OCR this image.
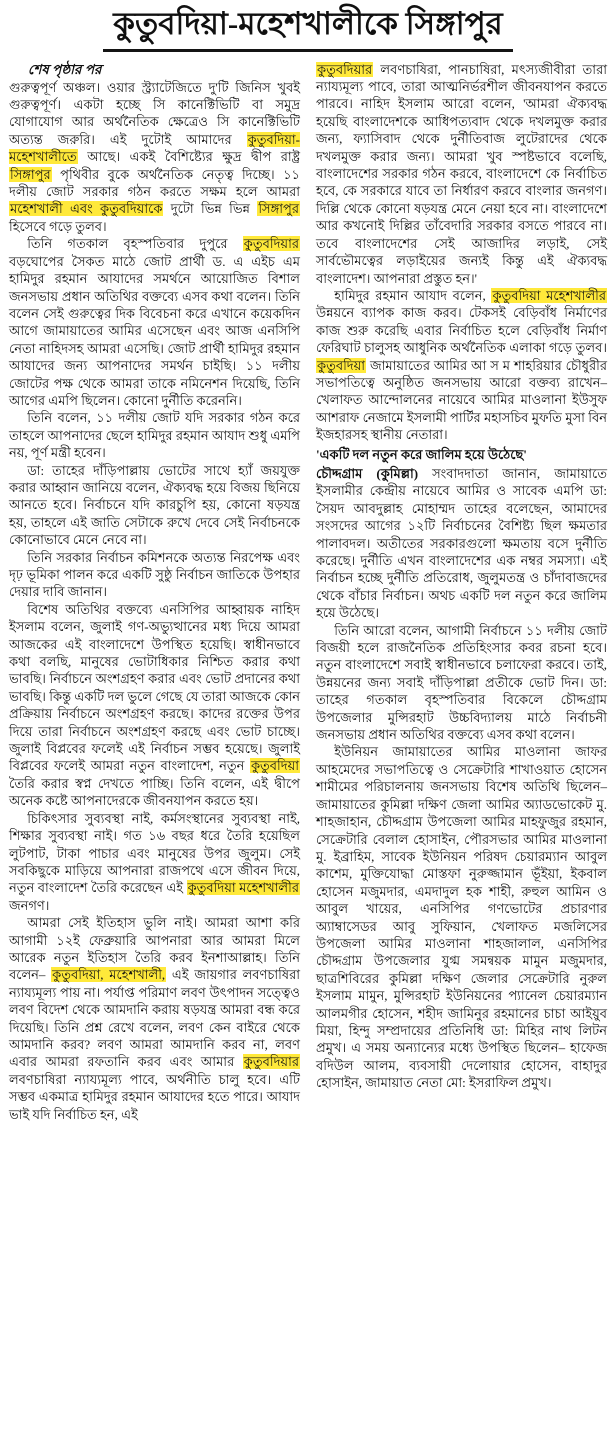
কুতুবদিয়া-মহেশখালীকে সিঙ্গাপুর

শেষ পৃষ্ঠার পর

গুরুত্বপূর্ণ অঞ্চল। ওয়ার স্ট্র্যাটেজিতে দু'টি জিনিস খুবই গুরুত্বপূর্ণ। একটা হচ্ছে সি কানেক্টিভিটি বা সমুদ্র যোগাযোগ আর অর্থনৈতিক ক্ষেত্রেও সি কানেক্টিভিটি অত্যন্ত জরুরি। এই দুটোই আমাদের কুতুবদিয়া-মহেশখালীতে আছে। একই বৈশিষ্ট্যের ক্ষুদ্র দ্বীপ রাষ্ট্র সিঙ্গাপুর পৃথিবীর বুকে অর্থনৈতিক নেতৃত্ব দিচ্ছে। ১১ দলীয় জোট সরকার গঠন করতে সক্ষম হলে আমরা মহেশখালী এবং কুতুবদিয়াকে দুটো ভিন্ন ভিন্ন সিঙ্গাপুর হিসেবে গড়ে তুলব।

তিনি গতকাল বৃহস্পতিবার দুপুরে কুতুবদিয়ার বড়ঘোপের সৈকত মাঠে জোট প্রার্থী ড. এ এইচ এম হামিদুর রহমান আযাদের সমর্থনে আয়োজিত বিশাল জনসভায় প্রধান অতিথির বক্তব্যে এসব কথা বলেন। তিনি বলেন সেই গুরুত্বের দিক বিবেচনা করে এখানে কয়েকদিন আগে জামায়াতের আমির এসেছেন এবং আজ এনসিপি নেতা নাহিদসহ আমরা এসেছি। জোট প্রার্থী হামিদুর রহমান আযাদের জন্য আপনাদের সমর্থন চাইছি। ১১ দলীয় জোটের পক্ষ থেকে আমরা তাকে নমিনেশন দিয়েছি, তিনি আগের এমপি ছিলেন। কোনো দুর্নীতি করেননি।

তিনি বলেন, ১১ দলীয় জোট যদি সরকার গঠন করে তাহলে আপনাদের ছেলে হামিদুর রহমান আযাদ শুধু এমপি নয়, পূর্ণ মন্ত্রী হবেন।

ডা: তাহের দাঁড়িপাল্লায় ভোটের সাথে হ্যাঁ জয়যুক্ত করার আহ্বান জানিয়ে বলেন, ঐক্যবদ্ধ হয়ে বিজয় ছিনিয়ে আনতে হবে। নির্বাচনে যদি কারচুপি হয়, কোনো ষড়যন্ত্র হয়, তাহলে এই জাতি সেটাকে রুখে দেবে সেই নির্বাচনকে কোনোভাবে মেনে নেবে না।

তিনি সরকার নির্বাচন কমিশনকে অত্যন্ত নিরপেক্ষ এবং দৃঢ় ভূমিকা পালন করে একটি সুষ্ঠু নির্বাচন জাতিকে উপহার দেয়ার দাবি জানান।

বিশেষ অতিথির বক্তব্যে এনসিপির আহ্বায়ক নাহিদ ইসলাম বলেন, জুলাই গণ-অভ্যুত্থানের মধ্য দিয়ে আমরা আজকের এই বাংলাদেশে উপস্থিত হয়েছি। স্বাধীনভাবে কথা বলছি, মানুষের ভোটাধিকার নিশ্চিত করার কথা ভাবছি। নির্বাচনে অংশগ্রহণ করার এবং ভোট প্রদানের কথা ভাবছি। কিন্তু একটি দল ভুলে গেছে যে তারা আজকে কোন প্রক্রিয়ায় নির্বাচনে অংশগ্রহণ করছে। কাদের রক্তের উপর দিয়ে তারা নির্বাচনে অংশগ্রহণ করছে এবং ভোট চাচ্ছে। জুলাই বিপ্লবের ফলেই এই নির্বাচন সম্ভব হয়েছে। জুলাই বিপ্লবের ফলেই আমরা নতুন বাংলাদেশ, নতুন কুতুবদিয়া তৈরি করার স্বপ্ন দেখতে পাচ্ছি। তিনি বলেন, এই দ্বীপে অনেক কষ্টে আপনাদেরকে জীবনযাপন করতে হয়।

চিকিৎসার সুব্যবস্থা নাই, কর্মসংস্থানের সুব্যবস্থা নাই, শিক্ষার সুব্যবস্থা নাই। গত ১৬ বছর ধরে তৈরি হয়েছিল লুটপাট, টাকা পাচার এবং মানুষের উপর জুলুম। সেই সবকিছুকে মাড়িয়ে আপনারা রাজপথে এসে জীবন দিয়ে, নতুন বাংলাদেশ তৈরি করেছেন এই কুতুবদিয়া মহেশখালীর জনগণ।

আমরা সেই ইতিহাস ভুলি নাই। আমরা আশা করি আগামী ১২ই ফেব্রুয়ারি আপনারা আর আমরা মিলে আরেক নতুন ইতিহাস তৈরি করব ইনশাআল্লাহ। তিনি বলেন– কুতুবদিয়া, মহেশখালী, এই জায়গার লবণচাষিরা ন্যায্যমূল্য পায় না। পর্যাপ্ত পরিমাণ লবণ উৎপাদন সত্ত্বেও লবণ বিদেশ থেকে আমদানি করায় ষড়যন্ত্র আমরা বন্ধ করে দিয়েছি। তিনি প্রশ্ন রেখে বলেন, লবণ কেন বাইরে থেকে আমদানি করব? লবণ আমরা আমদানি করব না, লবণ এবার আমরা রফতানি করব এবং আমার কুতুবদিয়ার লবণচাষিরা ন্যায্যমূল্য পাবে, অর্থনীতি চালু হবে। এটি সম্ভব একমাত্র হামিদুর রহমান আযাদের হতে পারে। আযাদ ভাই যদি নির্বাচিত হন, এই

কুতুবদিয়ার লবণচাষিরা, পানচাষিরা, মৎস্যজীবীরা তারা ন্যায্যমূল্য পাবে, তারা আত্মনির্ভরশীল জীবনযাপন করতে পারবে। নাহিদ ইসলাম আরো বলেন, 'আমরা ঐক্যবদ্ধ হয়েছি বাংলাদেশকে আধিপত্যবাদ থেকে দখলমুক্ত করার জন্য, ফ্যাসিবাদ থেকে দুর্নীতিবাজ লুটেরাদের থেকে দখলমুক্ত করার জন্য। আমরা খুব স্পষ্টভাবে বলেছি, বাংলাদেশের সরকার গঠন করবে, বাংলাদেশে কে নির্বাচিত হবে, কে সরকারে যাবে তা নির্ধারণ করবে বাংলার জনগণ। দিল্লি থেকে কোনো ষড়যন্ত্র মেনে নেয়া হবে না। বাংলাদেশে আর কখনোই দিল্লির তাঁবেদারি সরকার বসতে পারবে না। তবে বাংলাদেশের সেই আজাদির লড়াই, সেই সার্বভৌমত্বের লড়াইয়ের জন্যই কিন্তু এই ঐক্যবদ্ধ বাংলাদেশ। আপনারা প্রস্তুত হন।'

হামিদুর রহমান আযাদ বলেন, কুতুবদিয়া মহেশখালীর উন্নয়নে ব্যাপক কাজ করব। টেকসই বেড়িবাঁধ নির্মাণের কাজ শুরু করেছি এবার নির্বাচিত হলে বেড়িবাঁধ নির্মাণ ফেরিঘাট চালুসহ আধুনিক অর্থনৈতিক এলাকা গড়ে তুলব। কুতুবদিয়া জামায়াতের আমির আ স ম শাহরিয়ার চৌধুরীর সভাপতিত্বে অনুষ্ঠিত জনসভায় আরো বক্তব্য রাখেন– খেলাফত আন্দোলনের নায়েবে আমির মাওলানা ইউসুফ আশরাফ নেজামে ইসলামী পার্টির মহাসচিব মুফতি মুসা বিন ইজহারসহ স্থানীয় নেতারা।

'একটি দল নতুন করে জালিম হয়ে উঠেছে'

চৌদ্দগ্রাম (কুমিল্লা) সংবাদদাতা জানান, জামায়াতে ইসলামীর কেন্দ্রীয় নায়েবে আমির ও সাবেক এমপি ডা: সৈয়দ আবদুল্লাহ মোহাম্মদ তাহের বলেছেন, আমাদের সংসদের আগের ১২টি নির্বাচনের বৈশিষ্ট্য ছিল ক্ষমতার পালাবদল। অতীতের সরকারগুলো ক্ষমতায় বসে দুর্নীতি করেছে। দুর্নীতি এখন বাংলাদেশের এক নম্বর সমস্যা। এই নির্বাচন হচ্ছে দুর্নীতি প্রতিরোধ, জুলুমতন্ত্র ও চাঁদাবাজদের থেকে বাঁচার নির্বাচন। অথচ একটি দল নতুন করে জালিম হয়ে উঠেছে।

তিনি আরো বলেন, আগামী নির্বাচনে ১১ দলীয় জোট বিজয়ী হলে রাজনৈতিক প্রতিহিংসার কবর রচনা হবে। নতুন বাংলাদেশে সবাই স্বাধীনভাবে চলাফেরা করবে। তাই, উন্নয়নের জন্য সবাই দাঁড়িপাল্লা প্রতীকে ভোট দিন। ডা: তাহের গতকাল বৃহস্পতিবার বিকেলে চৌদ্দগ্রাম উপজেলার মুন্সিরহাট উচ্চবিদ্যালয় মাঠে নির্বাচনী জনসভায় প্রধান অতিথির বক্তব্যে এসব কথা বলেন।

ইউনিয়ন জামায়াতের আমির মাওলানা জাফর আহমেদের সভাপতিত্বে ও সেক্রেটারি শাখাওয়াত হোসেন শামীমের পরিচালনায় জনসভায় বিশেষ অতিথি ছিলেন– জামায়াতের কুমিল্লা দক্ষিণ জেলা আমির অ্যাডভোকেট মু. শাহজাহান, চৌদ্দগ্রাম উপজেলা আমির মাহফুজুর রহমান, সেক্রেটারি বেলাল হোসাইন, পৌরসভার আমির মাওলানা মু. ইব্রাহিম, সাবেক ইউনিয়ন পরিষদ চেয়ারম্যান আবুল কাশেম, মুক্তিযোদ্ধা মোস্তফা নুরুজ্জামান ভূঁইয়া, ইকবাল হোসেন মজুমদার, এমদাদুল হক শাহী, রুহুল আমিন ও আবুল খায়ের, এনসিপির গণভোটের প্রচারণার অ্যাম্বাসেডর আবু সুফিয়ান, খেলাফত মজলিসের উপজেলা আমির মাওলানা শাহজালাল, এনসিপির চৌদ্দগ্রাম উপজেলার যুগ্ম সমন্বয়ক মামুন মজুমদার, ছাত্রশিবিরের কুমিল্লা দক্ষিণ জেলার সেক্রেটারি নুরুল ইসলাম মামুন, মুন্সিরহাট ইউনিয়নের প্যানেল চেয়ারম্যান আলমগীর হোসেন, শহীদ জামিনুর রহমানের চাচা আইয়ুব মিয়া, হিন্দু সম্প্রদায়ের প্রতিনিধি ডা: মিহির নাথ লিটন প্রমুখ। এ সময় অন্যান্যের মধ্যে উপস্থিত ছিলেন– হাফেজ বদিউল আলম, ব্যবসায়ী দেলোয়ার হোসেন, বাহাদুর হোসাইন, জামায়াত নেতা মো: ইসরাফিল প্রমুখ।
